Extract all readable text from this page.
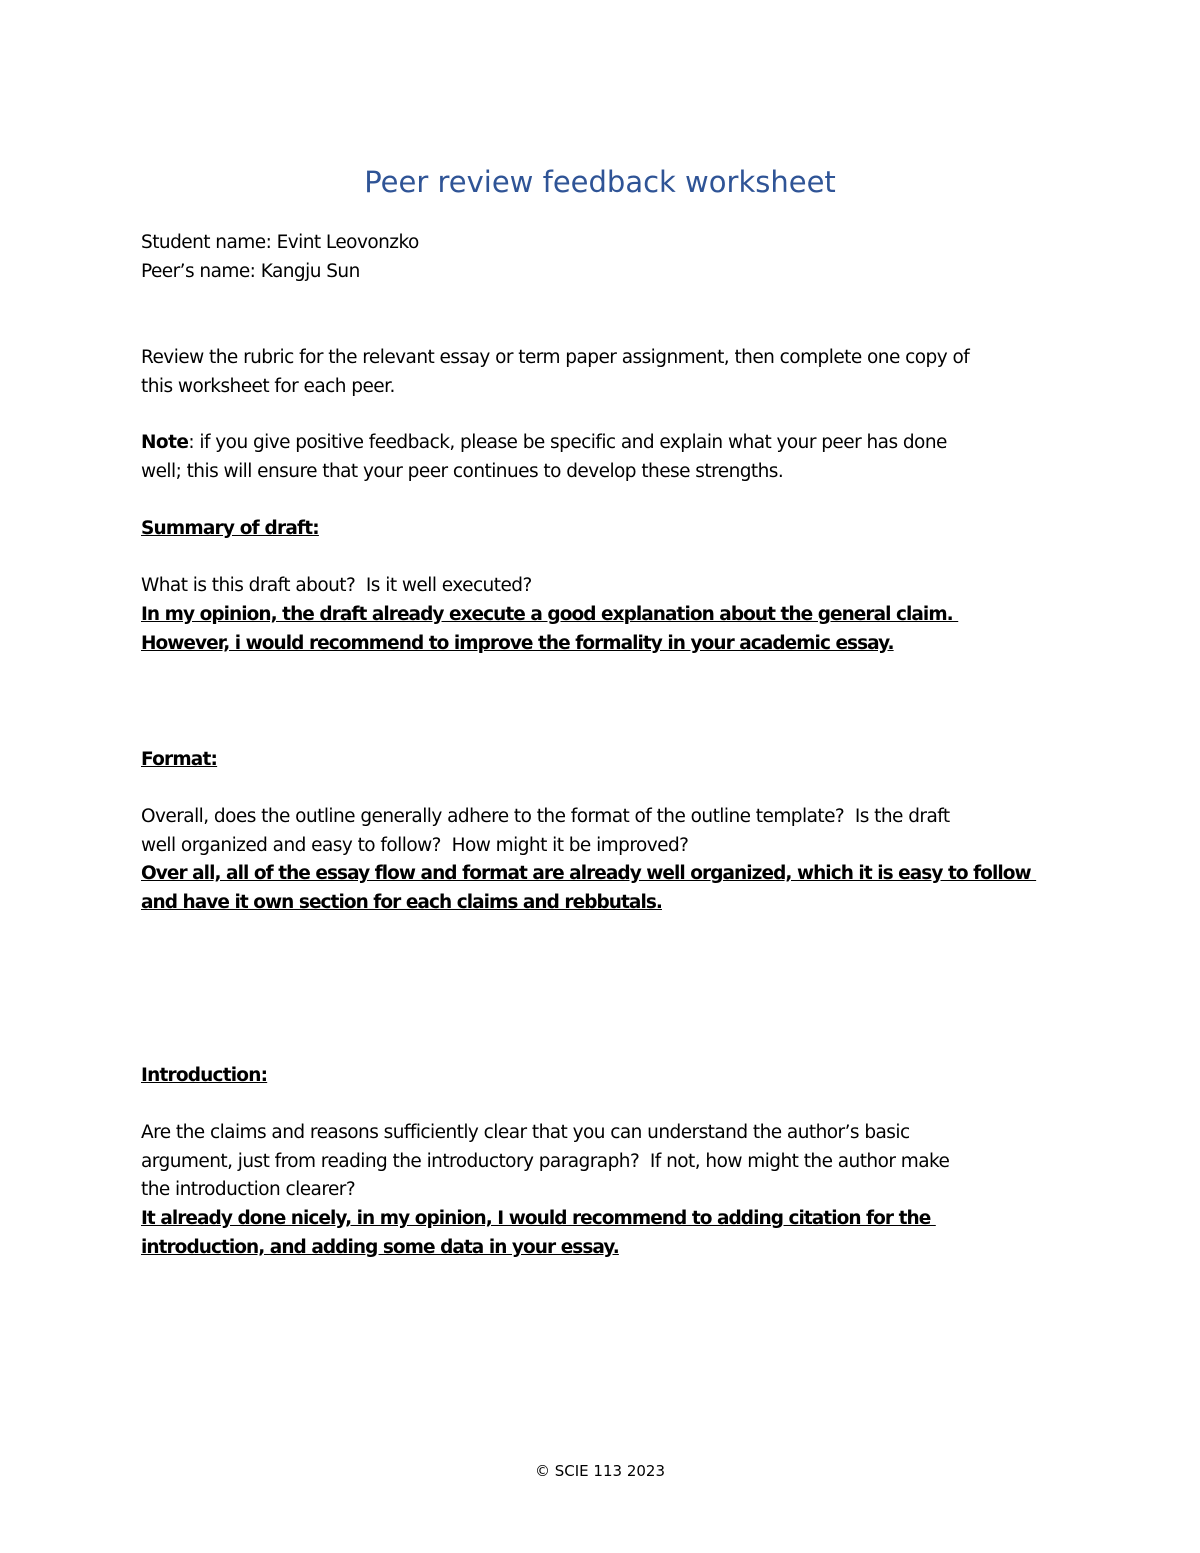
Peer review feedback worksheet
Student name: Evint Leovonzko
Peer’s name: Kangju Sun
Review the rubric for the relevant essay or term paper assignment, then complete one copy of
this worksheet for each peer.
Note: if you give positive feedback, please be specific and explain what your peer has done
well; this will ensure that your peer continues to develop these strengths.
Summary of draft:
What is this draft about?  Is it well executed?
In my opinion, the draft already execute a good explanation about the general claim.
However, i would recommend to improve the formality in your academic essay.
Format:
Overall, does the outline generally adhere to the format of the outline template?  Is the draft
well organized and easy to follow?  How might it be improved?
Over all, all of the essay flow and format are already well organized, which it is easy to follow
and have it own section for each claims and rebbutals.
Introduction:
Are the claims and reasons sufficiently clear that you can understand the author’s basic
argument, just from reading the introductory paragraph?  If not, how might the author make
the introduction clearer?
It already done nicely, in my opinion, I would recommend to adding citation for the
introduction, and adding some data in your essay.
© SCIE 113 2023
